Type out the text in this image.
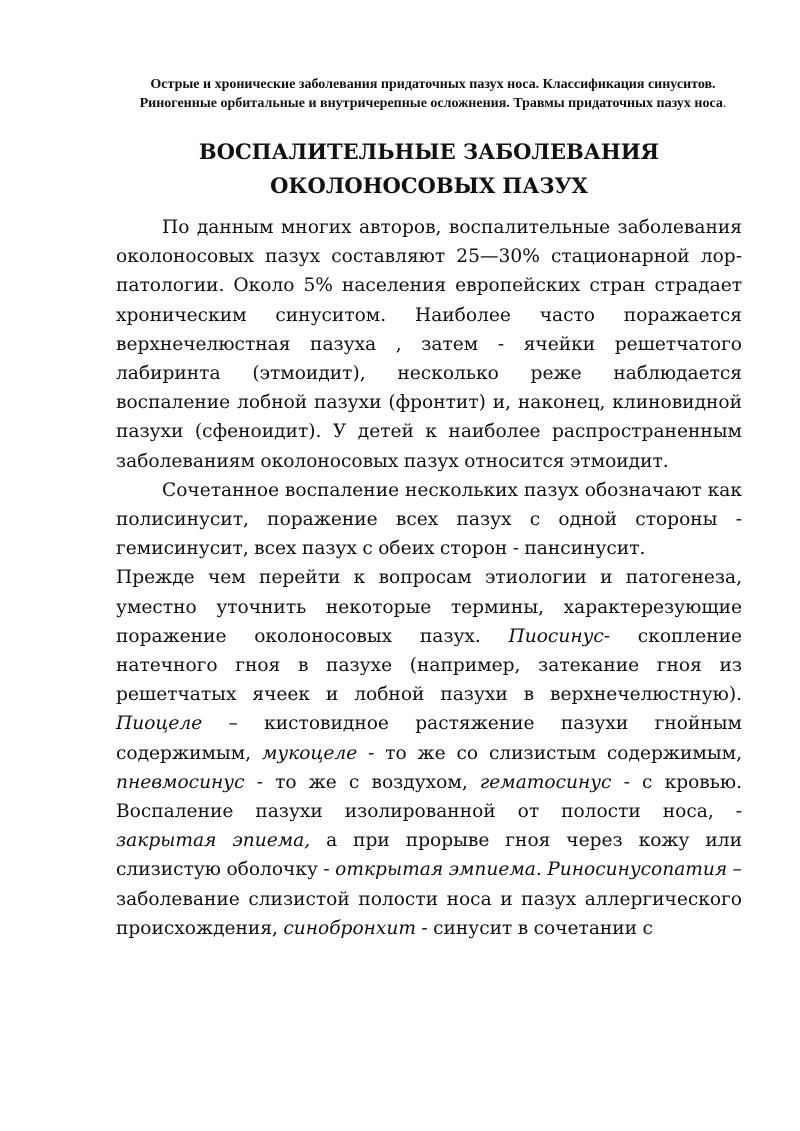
Острые и хронические заболевания придаточных пазух носа. Классификация синуситов. Риногенные орбитальные и внутричерепные осложнения. Травмы придаточных пазух носа.
ВОСПАЛИТЕЛЬНЫЕ ЗАБОЛЕВАНИЯ
ОКОЛОНОСОВЫХ ПАЗУХ

По данным многих авторов, воспалительные заболевания околоносовых пазух составляют 25—30% стационарной лор-патологии. Около 5% населения европейских стран страдает хроническим синуситом. Наиболее часто поражается верхнечелюстная пазуха , затем - ячейки решетчатого лабиринта (этмоидит), несколько реже наблюдается воспаление лобной пазухи (фронтит) и, наконец, клиновидной пазухи (сфеноидит). У детей к наиболее распространенным заболеваниям околоносовых пазух относится этмоидит.

Сочетанное воспаление нескольких пазух обозначают как полисинусит, поражение всех пазух с одной стороны - гемисинусит, всех пазух с обеих сторон - пансинусит.

Прежде чем перейти к вопросам этиологии и патогенеза, уместно уточнить некоторые термины, характерезующие поражение околоносовых пазух. Пиосинус- скопление натечного гноя в пазухе (например, затекание гноя из решетчатых ячеек и лобной пазухи в верхнечелюстную). Пиоцеле – кистовидное растяжение пазухи гнойным содержимым, мукоцеле - то же со слизистым содержимым, пневмосинус - то же с воздухом, гематосинус - с кровью. Воспаление пазухи изолированной от полости носа, - закрытая эпиема, а при прорыве гноя через кожу или слизистую оболочку - открытая эмпиема. Риносинусопатия – заболевание слизистой полости носа и пазух аллергического происхождения, синобронхит - синусит в сочетании с
